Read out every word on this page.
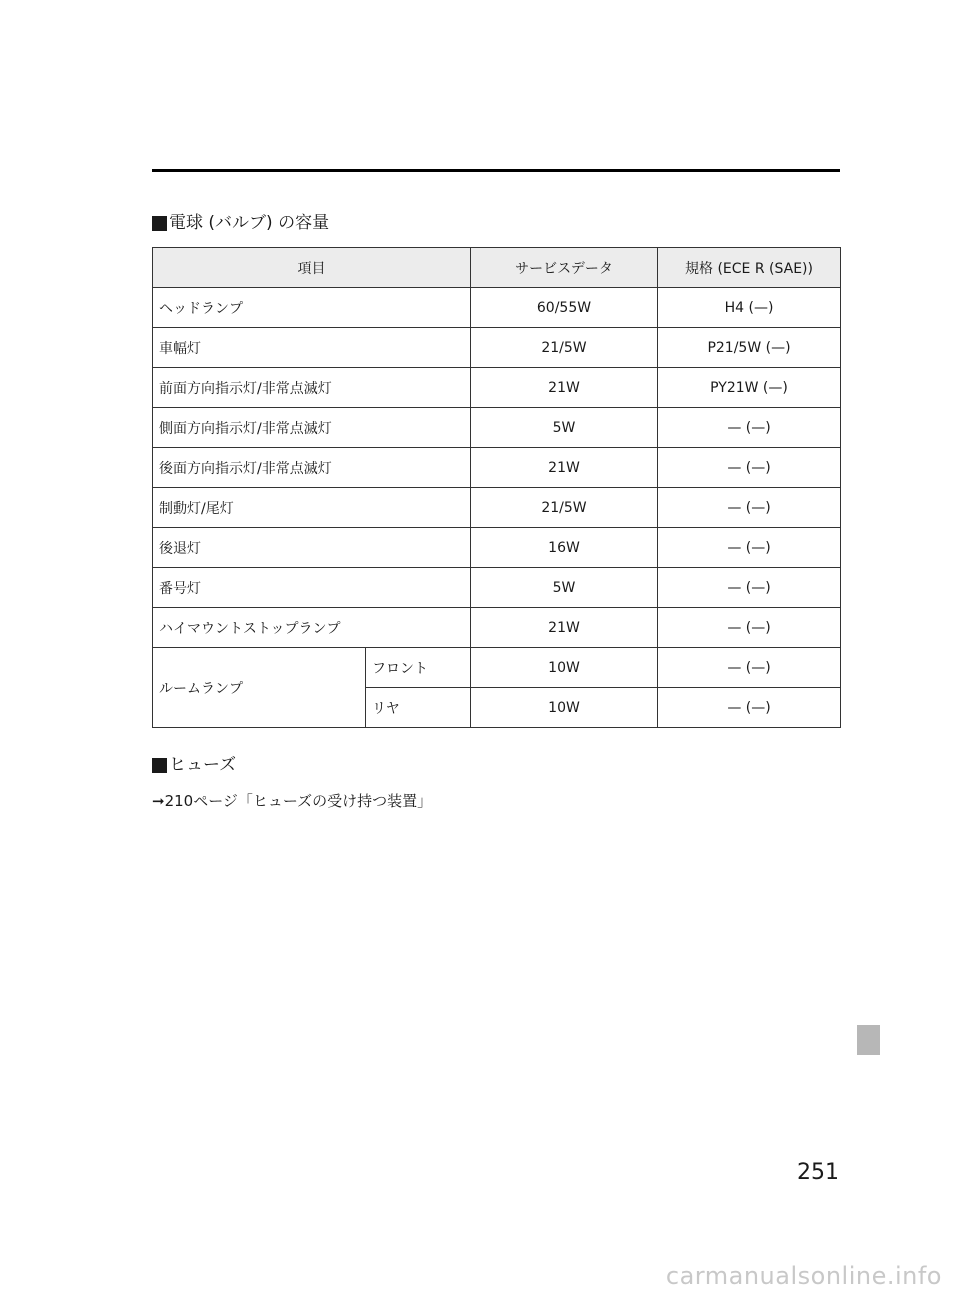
電球 (バルブ) の容量
項目		サービスデータ	規格 (ECE R (SAE))
ヘッドランプ		60/55W	H4 (—)
車幅灯		21/5W	P21/5W (—)
前面方向指示灯/非常点滅灯		21W	PY21W (—)
側面方向指示灯/非常点滅灯		5W	— (—)
後面方向指示灯/非常点滅灯		21W	— (—)
制動灯/尾灯		21/5W	— (—)
後退灯		16W	— (—)
番号灯		5W	— (—)
ハイマウントストップランプ		21W	— (—)
ルームランプ	フロント	10W	— (—)
	リヤ	10W	— (—)
ヒューズ
➞210ページ「ヒューズの受け持つ装置」
251
carmanualsonline.info
